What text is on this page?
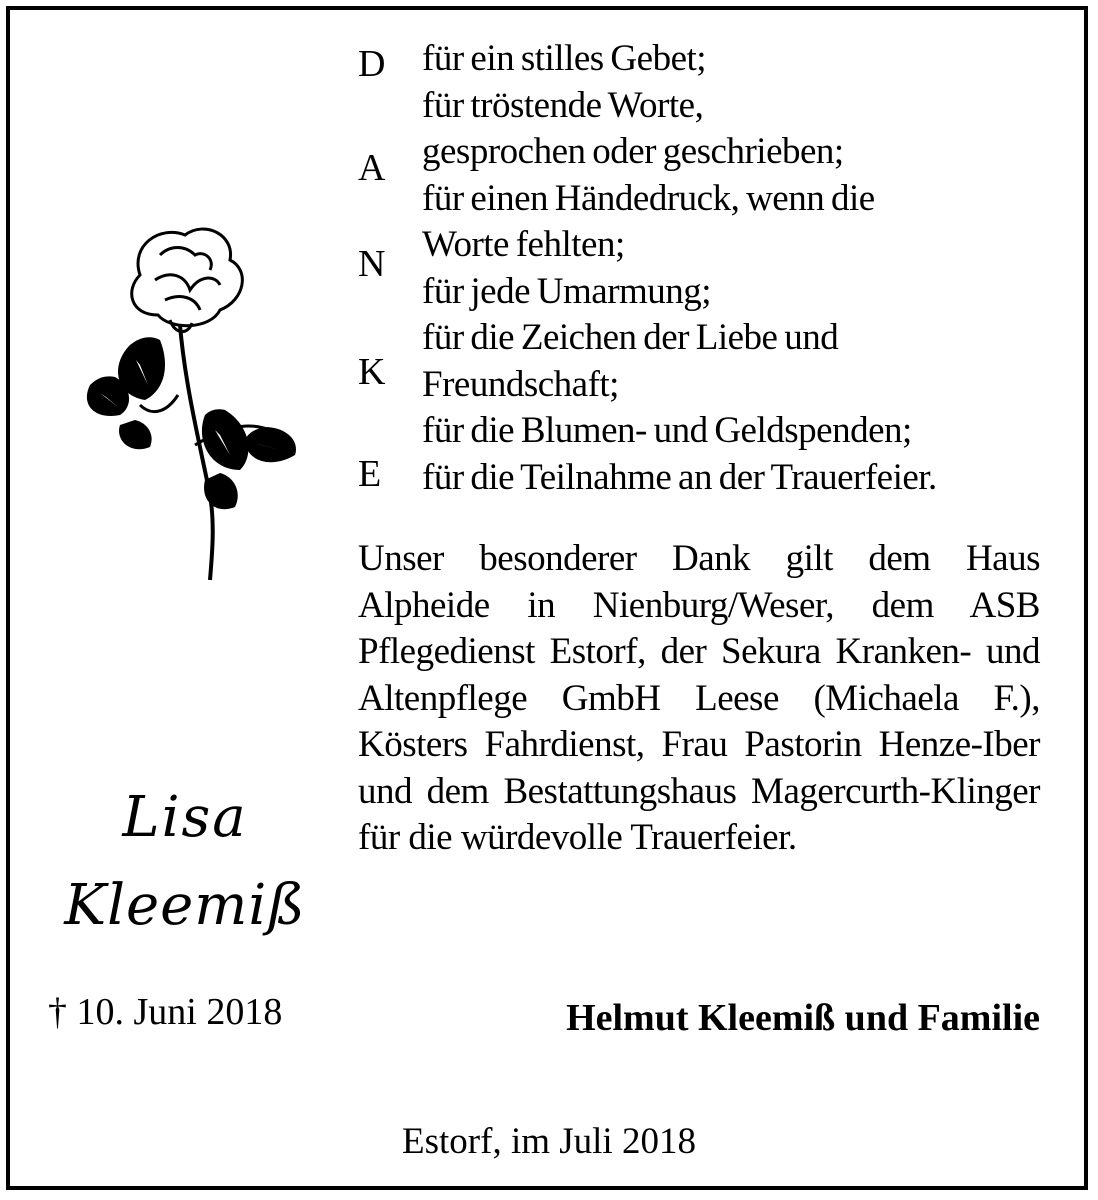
Lisa
Kleemiß
† 10. Juni 2018
D
A
N
K
E
für ein stilles Gebet;
für tröstende Worte,
gesprochen oder geschrieben;
für einen Händedruck, wenn die
Worte fehlten;
für jede Umarmung;
für die Zeichen der Liebe und
Freundschaft;
für die Blumen- und Geldspenden;
für die Teilnahme an der Trauerfeier.

Unser besonderer Dank gilt dem Haus Alpheide in Nienburg/Weser, dem ASB Pflegedienst Estorf, der Sekura Kranken- und Altenpflege GmbH Leese (Michaela F.), Kösters Fahrdienst, Frau Pastorin Henze-Iber und dem Bestattungshaus Magercurth-Klinger für die würdevolle Trauerfeier.

Helmut Kleemiß und Familie
Estorf, im Juli 2018
